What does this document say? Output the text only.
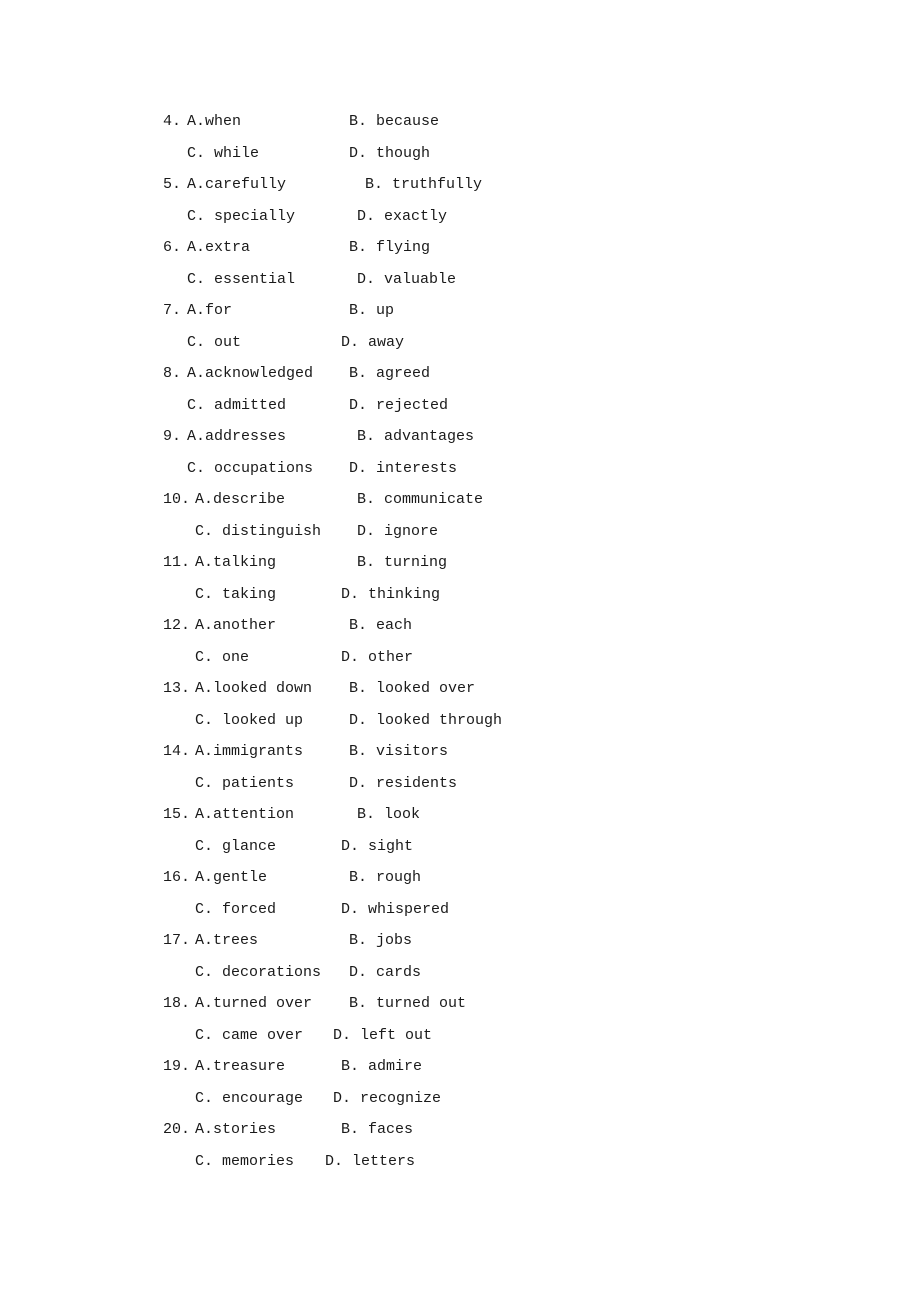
4. A.when	B. because
C. while	D. though
5. A.carefully	B. truthfully
C. specially	D. exactly
6. A.extra	B. flying
C. essential	D. valuable
7. A.for	B. up
C. out	D. away
8. A.acknowledged B. agreed
C. admitted	D. rejected
9. A.addresses	B. advantages
C. occupations D. interests
10. A.describe	B. communicate
C. distinguish D. ignore
11. A.talking	B. turning
C. taking	D. thinking
12. A.another	B. each
C. one	D. other
13. A.looked down B. looked over
C. looked up	D. looked through
14. A.immigrants	B. visitors
C. patients	D. residents
15. A.attention	B. look
C. glance	D. sight
16. A.gentle	B. rough
C. forced	D. whispered
17. A.trees	B. jobs
C. decorations D. cards
18. A.turned over B. turned out
C. came over D. left out
19. A.treasure	B. admire
C. encourage D. recognize
20. A.stories	B. faces
C. memories D. letters
